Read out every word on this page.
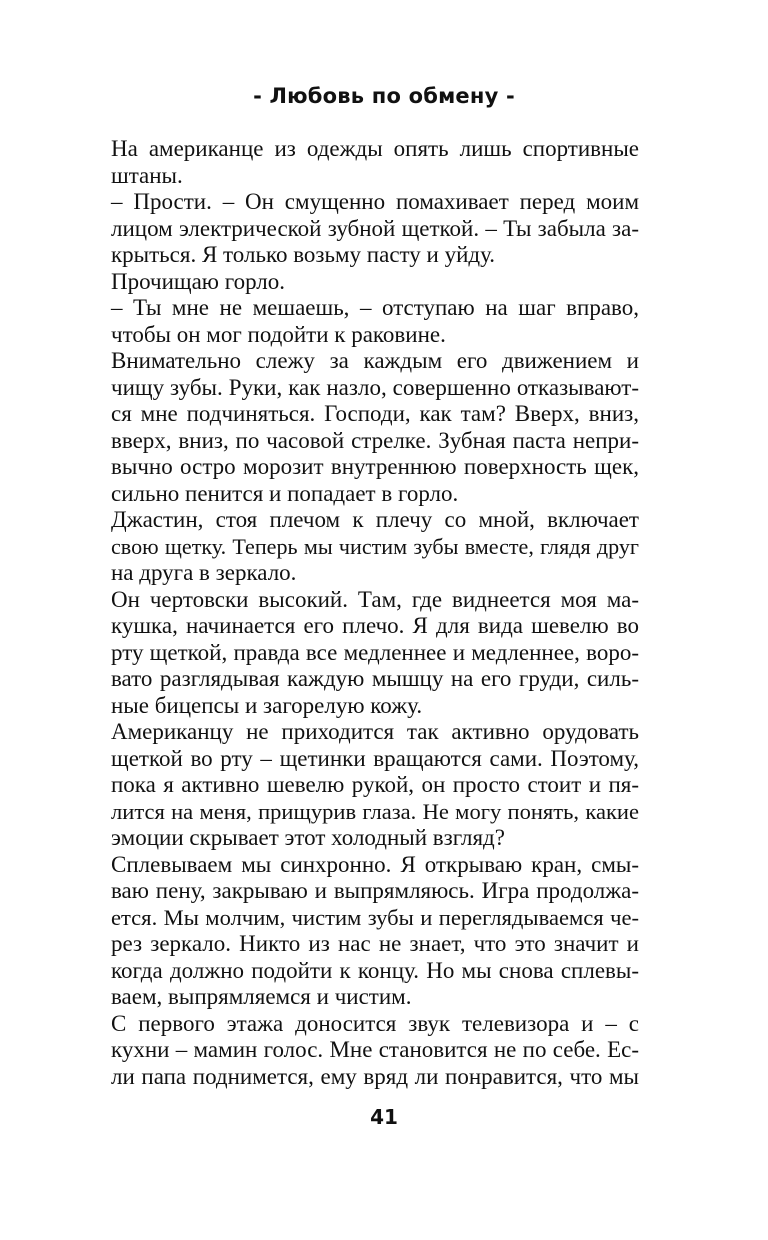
- Любовь по обмену -
На американце из одежды опять лишь спортивные
штаны.
– Прости. – Он смущенно помахивает перед моим
лицом электрической зубной щеткой. – Ты забыла за-
крыться. Я только возьму пасту и уйду.
Прочищаю горло.
– Ты мне не мешаешь, – отступаю на шаг вправо,
чтобы он мог подойти к раковине.
Внимательно слежу за каждым его движением и
чищу зубы. Руки, как назло, совершенно отказывают-
ся мне подчиняться. Господи, как там? Вверх, вниз,
вверх, вниз, по часовой стрелке. Зубная паста непри-
вычно остро морозит внутреннюю поверхность щек,
сильно пенится и попадает в горло.
Джастин, стоя плечом к плечу со мной, включает
свою щетку. Теперь мы чистим зубы вместе, глядя друг
на друга в зеркало.
Он чертовски высокий. Там, где виднеется моя ма-
кушка, начинается его плечо. Я для вида шевелю во
рту щеткой, правда все медленнее и медленнее, воро-
вато разглядывая каждую мышцу на его груди, силь-
ные бицепсы и загорелую кожу.
Американцу не приходится так активно орудовать
щеткой во рту – щетинки вращаются сами. Поэтому,
пока я активно шевелю рукой, он просто стоит и пя-
лится на меня, прищурив глаза. Не могу понять, какие
эмоции скрывает этот холодный взгляд?
Сплевываем мы синхронно. Я открываю кран, смы-
ваю пену, закрываю и выпрямляюсь. Игра продолжа-
ется. Мы молчим, чистим зубы и переглядываемся че-
рез зеркало. Никто из нас не знает, что это значит и
когда должно подойти к концу. Но мы снова сплевы-
ваем, выпрямляемся и чистим.
С первого этажа доносится звук телевизора и – с
кухни – мамин голос. Мне становится не по себе. Ес-
ли папа поднимется, ему вряд ли понравится, что мы
41
